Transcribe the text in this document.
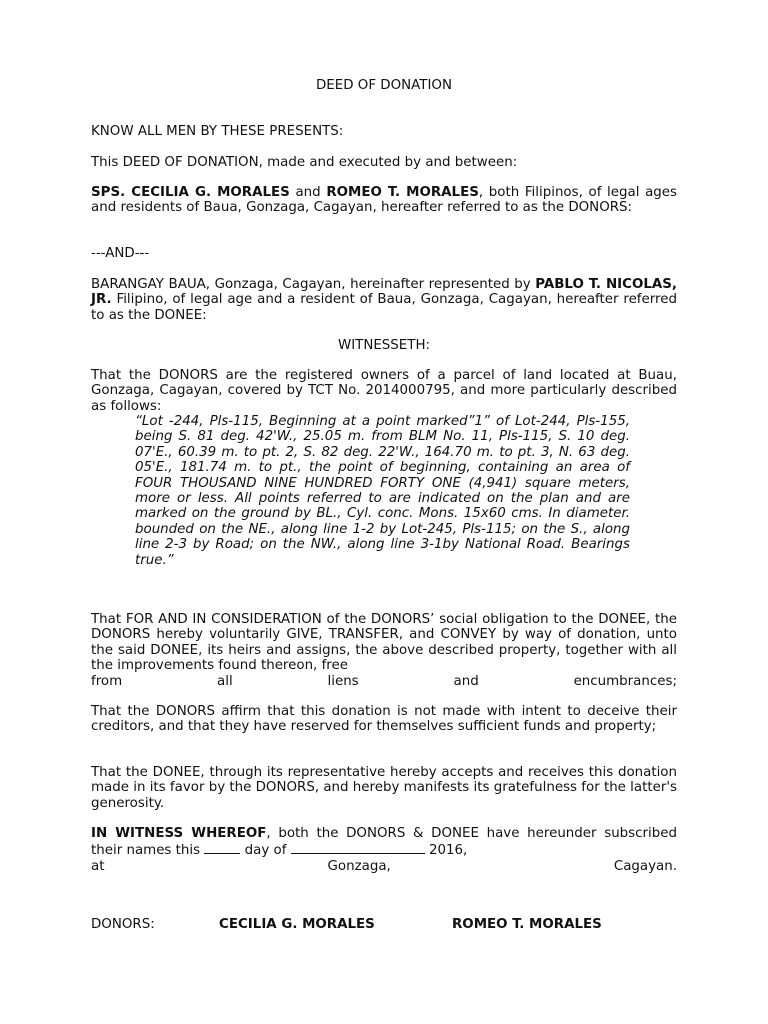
DEED OF DONATION
KNOW ALL MEN BY THESE PRESENTS:
This DEED OF DONATION, made and executed by and between:
SPS. CECILIA G. MORALES and ROMEO T. MORALES, both Filipinos, of legal ages and residents of Baua, Gonzaga, Cagayan, hereafter referred to as the DONORS:
---AND---
BARANGAY BAUA, Gonzaga, Cagayan, hereinafter represented by PABLO T. NICOLAS, JR. Filipino, of legal age and a resident of Baua, Gonzaga, Cagayan, hereafter referred to as the DONEE:
WITNESSETH:
That the DONORS are the registered owners of a parcel of land located at Buau, Gonzaga, Cagayan, covered by TCT No. 2014000795, and more particularly described as follows:
“Lot -244, Pls-115, Beginning at a point marked”1” of Lot-244, Pls-155, being S. 81 deg. 42'W., 25.05 m. from BLM No. 11, Pls-115, S. 10 deg. 07'E., 60.39 m. to pt. 2, S. 82 deg. 22'W., 164.70 m. to pt. 3, N. 63 deg. 05'E., 181.74 m. to pt., the point of beginning, containing an area of FOUR THOUSAND NINE HUNDRED FORTY ONE (4,941) square meters, more or less. All points referred to are indicated on the plan and are marked on the ground by BL., Cyl. conc. Mons. 15x60 cms. In diameter. bounded on the NE., along line 1-2 by Lot-245, Pls-115; on the S., along line 2-3 by Road; on the NW., along line 3-1by National Road. Bearings true.”
That FOR AND IN CONSIDERATION of the DONORS’ social obligation to the DONEE, the DONORS hereby voluntarily GIVE, TRANSFER, and CONVEY by way of donation, unto the said DONEE, its heirs and assigns, the above described property, together with all the improvements found thereon, free
from	all	liens	and	encumbrances;
That the DONORS affirm that this donation is not made with intent to deceive their creditors, and that they have reserved for themselves sufficient funds and property;
That the DONEE, through its representative hereby accepts and receives this donation made in its favor by the DONORS, and hereby manifests its gratefulness for the latter's generosity.
IN WITNESS WHEREOF, both the DONORS & DONEE have hereunder subscribed their names this	day of	2016,
at	Gonzaga,	Cagayan.
DONORS:	CECILIA G. MORALES	ROMEO T. MORALES
